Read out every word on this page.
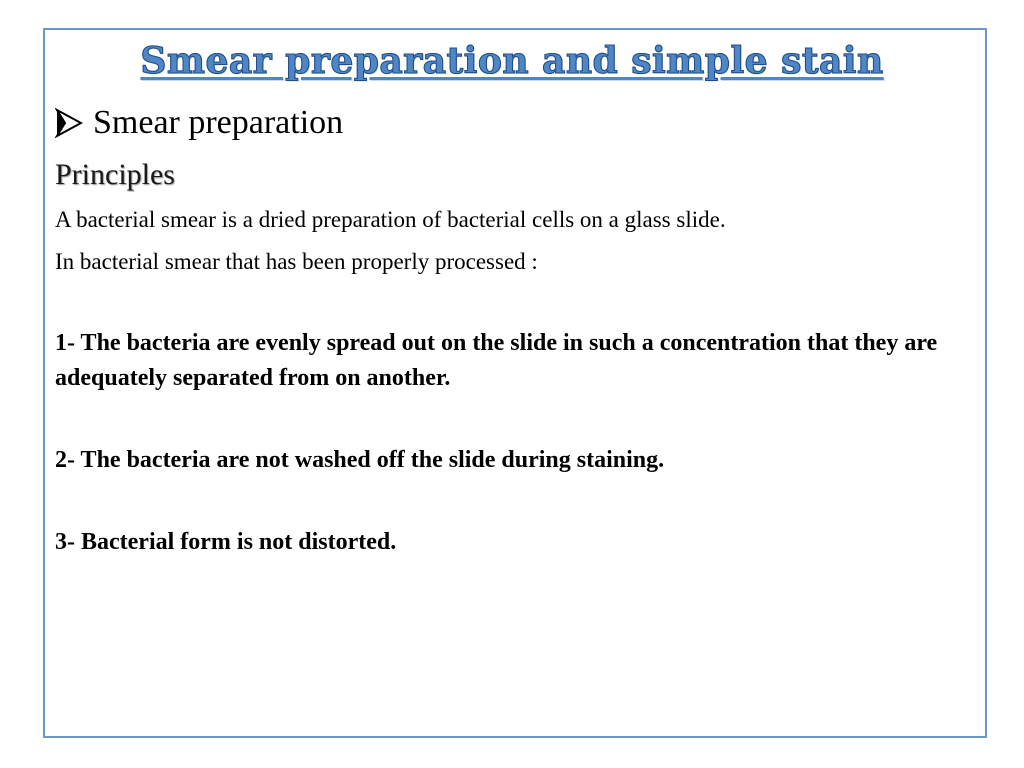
Smear preparation and simple stain
Smear preparation
Principles
A bacterial smear is a dried preparation of bacterial cells on a glass slide.
In bacterial smear that has been properly processed :
1- The bacteria are evenly spread out on the slide in such a concentration that they are adequately separated from on another.
2- The bacteria are not washed off the slide during staining.
3- Bacterial form is not distorted.
